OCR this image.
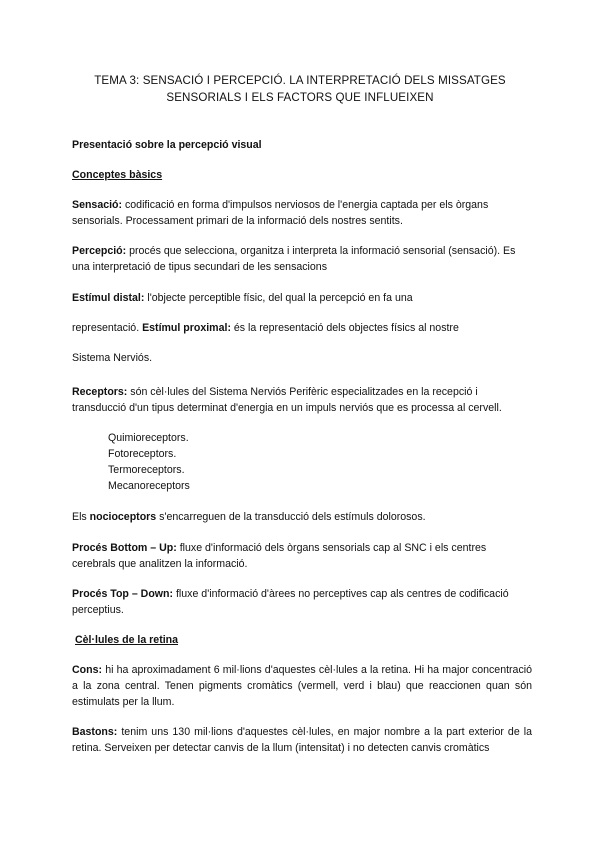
TEMA 3: SENSACIÓ I PERCEPCIÓ. LA INTERPRETACIÓ DELS MISSATGES
SENSORIALS I ELS FACTORS QUE INFLUEIXEN

Presentació sobre la percepció visual

Conceptes bàsics

Sensació: codificació en forma d'impulsos nerviosos de l'energia captada per els òrgans sensorials. Processament primari de la informació dels nostres sentits.

Percepció: procés que selecciona, organitza i interpreta la informació sensorial (sensació). Es una interpretació de tipus secundari de les sensacions

Estímul distal: l'objecte perceptible físic, del qual la percepció en fa una

representació. Estímul proximal: és la representació dels objectes físics al nostre

Sistema Nerviós.

Receptors: són cèl·lules del Sistema Nerviós Perifèric especialitzades en la recepció i transducció d'un tipus determinat d'energia en un impuls nerviós que es processa al cervell.

Quimioreceptors.
Fotoreceptors.
Termoreceptors.
Mecanoreceptors

Els nocioceptors s'encarreguen de la transducció dels estímuls dolorosos.

Procés Bottom – Up: fluxe d'informació dels òrgans sensorials cap al SNC i els centres cerebrals que analitzen la informació.

Procés Top – Down: fluxe d'informació d'àrees no perceptives cap als centres de codificació perceptius.

Cèl·lules de la retina

Cons: hi ha aproximadament 6 mil·lions d'aquestes cèl·lules a la retina. Hi ha major concentració a la zona central. Tenen pigments cromàtics (vermell, verd i blau) que reaccionen quan són estimulats per la llum.

Bastons: tenim uns 130 mil·lions d'aquestes cèl·lules, en major nombre a la part exterior de la retina. Serveixen per detectar canvis de la llum (intensitat) i no detecten canvis cromàtics
